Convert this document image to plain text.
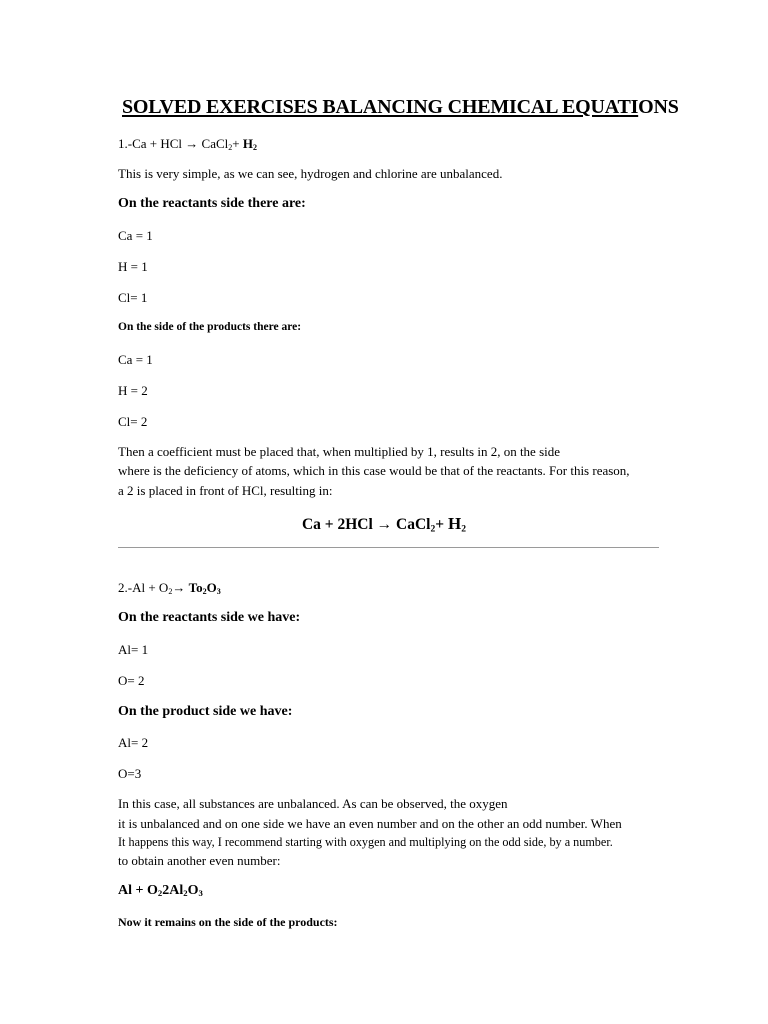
SOLVED EXERCISES BALANCING CHEMICAL EQUATIONS

1.-Ca + HCl → CaCl$_2$+ $H_2$

This is very simple, as we can see, hydrogen and chlorine are unbalanced.

On the reactants side there are:

Ca = 1

H = 1

Cl= 1

On the side of the products there are:

Ca = 1

H = 2

Cl= 2

Then a coefficient must be placed that, when multiplied by 1, results in 2, on the side

where is the deficiency of atoms, which in this case would be that of the reactants. For this reason,

a 2 is placed in front of HCl, resulting in:

Ca + 2HCl → CaCl$_2$+ $H_2$

$2.-Al + O_2\to To_2O_3$

On the reactants side we have:

Al= 1

O= 2

On the product side we have:

Al= 2

O=3

In this case, all substances are unbalanced. As can be observed, the oxygen

it is unbalanced and on one side we have an even number and on the other an odd number. When

It happens this way, I recommend starting with oxygen and multiplying on the odd side, by a number.

to obtain another even number:

$Al + O_22Al_2O_3$

Now it remains on the side of the products:
